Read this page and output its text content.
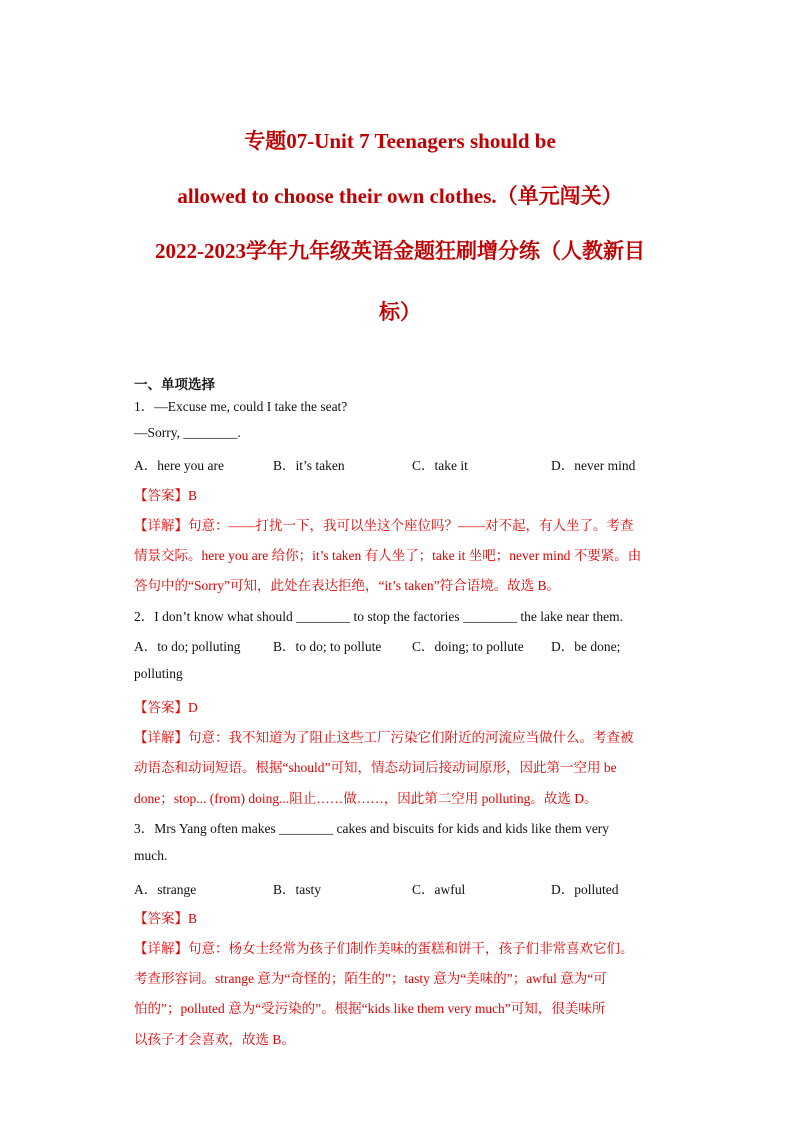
专题07-Unit 7 Teenagers should be
allowed to choose their own clothes.（单元闯关）
2022-2023学年九年级英语金题狂刷增分练（人教新目
标）
一、单项选择
1．—Excuse me, could I take the seat?
—Sorry, ________.
A．here you are	B．it’s taken	C．take it	D．never mind
【答案】B
【详解】句意：——打扰一下，我可以坐这个座位吗？——对不起，有人坐了。考查
情景交际。here you are 给你；it’s taken 有人坐了；take it 坐吧；never mind 不要紧。由
答句中的“Sorry”可知，此处在表达拒绝，“it’s taken”符合语境。故选 B。
2．I don’t know what should ________ to stop the factories ________ the lake near them.
A．to do; polluting B．to do; to pollute C．doing; to pollute D．be done;
polluting
【答案】D
【详解】句意：我不知道为了阻止这些工厂污染它们附近的河流应当做什么。考查被
动语态和动词短语。根据“should”可知，情态动词后接动词原形，因此第一空用 be
done；stop... (from) doing...阻止……做……，因此第二空用 polluting。故选 D。
3．Mrs Yang often makes ________ cakes and biscuits for kids and kids like them very
much.
A．strange	B．tasty	C．awful	D．polluted
【答案】B
【详解】句意：杨女士经常为孩子们制作美味的蛋糕和饼干，孩子们非常喜欢它们。
考查形容词。strange 意为“奇怪的；陌生的”；tasty 意为“美味的”；awful 意为“可
怕的”；polluted 意为“受污染的”。根据“kids like them very much”可知，很美味所
以孩子才会喜欢，故选 B。
